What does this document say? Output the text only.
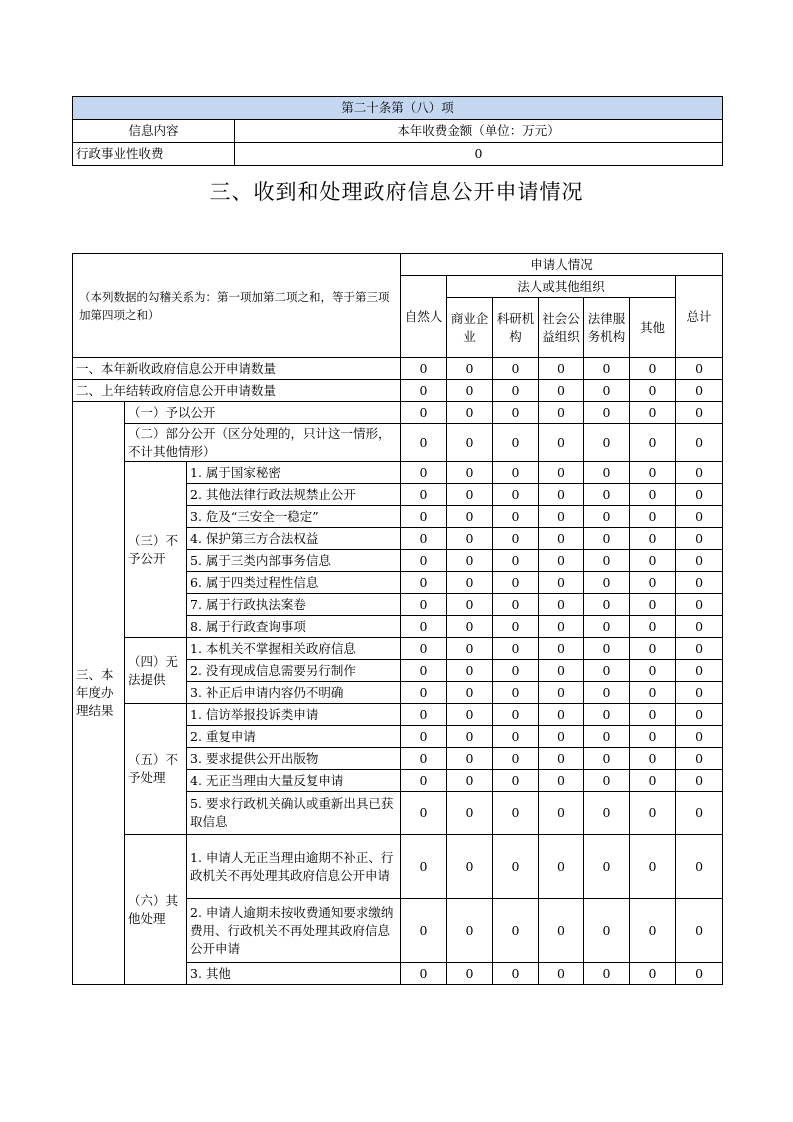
第二十条第（八）项	
信息内容	本年收费金额（单位：万元）
行政事业性收费	0
三、收到和处理政府信息公开申请情况
（本列数据的勾稽关系为：第一项加第二项之和，等于第三项加第四项之和）			申请人情况						
			自然人	法人或其他组织					总计
				商业企业	科研机构	社会公益组织	法律服务机构	其他	
一、本年新收政府信息公开申请数量			0	0	0	0	0	0	0
二、上年结转政府信息公开申请数量			0	0	0	0	0	0	0
三、本年度办理结果	（一）予以公开		0	0	0	0	0	0	0
	（二）部分公开（区分处理的，只计这一情形，不计其他情形）		0	0	0	0	0	0	0
	（三）不予公开	1. 属于国家秘密	0	0	0	0	0	0	0
		2. 其他法律行政法规禁止公开	0	0	0	0	0	0	0
		3. 危及“三安全一稳定”	0	0	0	0	0	0	0
		4. 保护第三方合法权益	0	0	0	0	0	0	0
		5. 属于三类内部事务信息	0	0	0	0	0	0	0
		6. 属于四类过程性信息	0	0	0	0	0	0	0
		7. 属于行政执法案卷	0	0	0	0	0	0	0
		8. 属于行政查询事项	0	0	0	0	0	0	0
	（四）无法提供	1. 本机关不掌握相关政府信息	0	0	0	0	0	0	0
		2. 没有现成信息需要另行制作	0	0	0	0	0	0	0
		3. 补正后申请内容仍不明确	0	0	0	0	0	0	0
	（五）不予处理	1. 信访举报投诉类申请	0	0	0	0	0	0	0
		2. 重复申请	0	0	0	0	0	0	0
		3. 要求提供公开出版物	0	0	0	0	0	0	0
		4. 无正当理由大量反复申请	0	0	0	0	0	0	0
		5. 要求行政机关确认或重新出具已获取信息	0	0	0	0	0	0	0
	（六）其他处理	1. 申请人无正当理由逾期不补正、行政机关不再处理其政府信息公开申请	0	0	0	0	0	0	0
		2. 申请人逾期未按收费通知要求缴纳费用、行政机关不再处理其政府信息公开申请	0	0	0	0	0	0	0
		3. 其他	0	0	0	0	0	0	0
